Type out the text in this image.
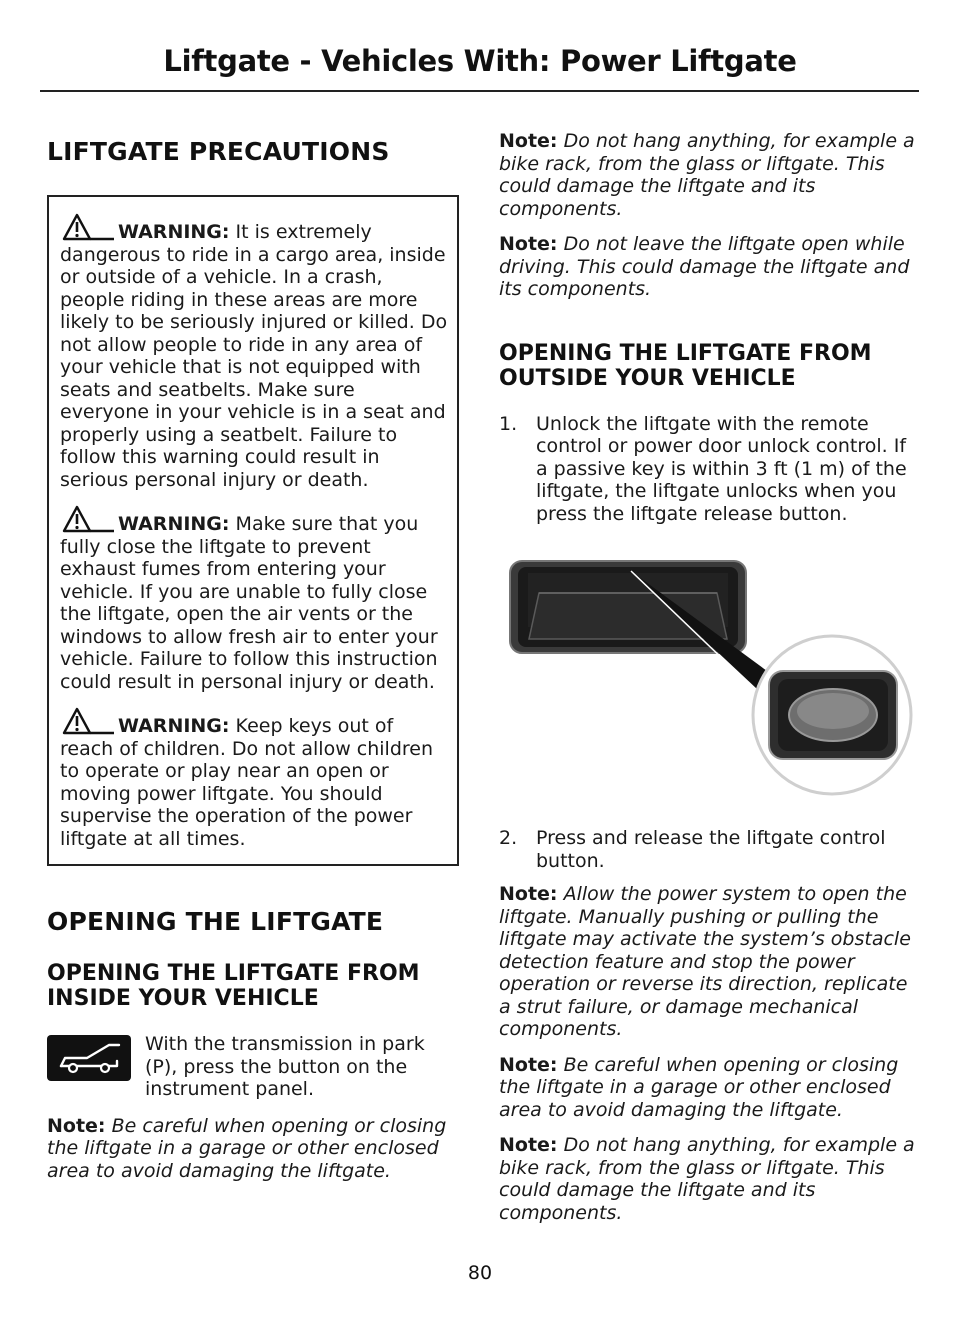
Liftgate - Vehicles With: Power Liftgate
LIFTGATE PRECAUTIONS

WARNING: It is extremely dangerous to ride in a cargo area, inside or outside of a vehicle. In a crash, people riding in these areas are more likely to be seriously injured or killed. Do not allow people to ride in any area of your vehicle that is not equipped with seats and seatbelts. Make sure everyone in your vehicle is in a seat and properly using a seatbelt. Failure to follow this warning could result in serious personal injury or death.

WARNING: Make sure that you fully close the liftgate to prevent exhaust fumes from entering your vehicle. If you are unable to fully close the liftgate, open the air vents or the windows to allow fresh air to enter your vehicle. Failure to follow this instruction could result in personal injury or death.

WARNING: Keep keys out of reach of children. Do not allow children to operate or play near an open or moving power liftgate. You should supervise the operation of the power liftgate at all times.

OPENING THE LIFTGATE
OPENING THE LIFTGATE FROM INSIDE YOUR VEHICLE

With the transmission in park (P), press the button on the instrument panel.

Note: Be careful when opening or closing the liftgate in a garage or other enclosed area to avoid damaging the liftgate.

Note: Do not hang anything, for example a bike rack, from the glass or liftgate. This could damage the liftgate and its components.

Note: Do not leave the liftgate open while driving. This could damage the liftgate and its components.

OPENING THE LIFTGATE FROM OUTSIDE YOUR VEHICLE
1. Unlock the liftgate with the remote control or power door unlock control. If a passive key is within 3 ft (1 m) of the liftgate, the liftgate unlocks when you press the liftgate release button.
2. Press and release the liftgate control button.

Note: Allow the power system to open the liftgate. Manually pushing or pulling the liftgate may activate the system’s obstacle detection feature and stop the power operation or reverse its direction, replicate a strut failure, or damage mechanical components.

Note: Be careful when opening or closing the liftgate in a garage or other enclosed area to avoid damaging the liftgate.

Note: Do not hang anything, for example a bike rack, from the glass or liftgate. This could damage the liftgate and its components.

80
